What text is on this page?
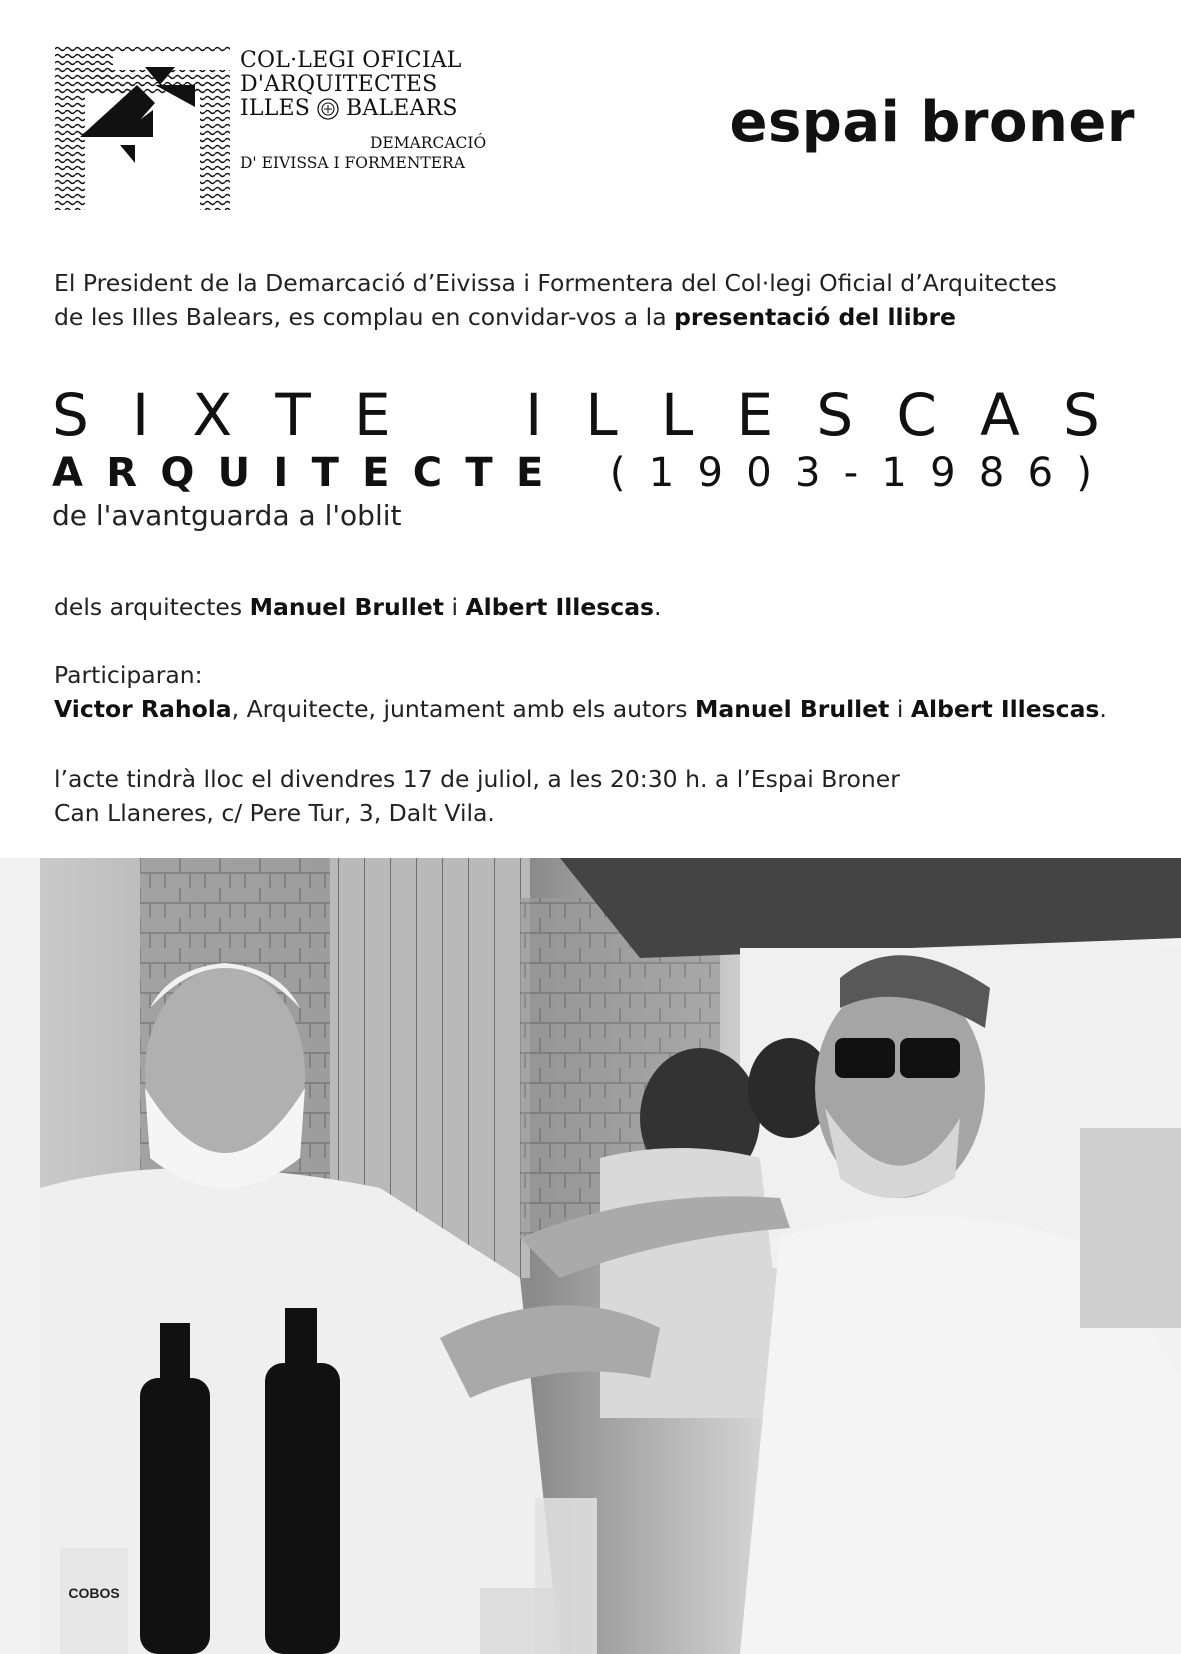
COL·LEGI OFICIAL
D'ARQUITECTES
ILLES BALEARS
DEMARCACIÓ
D' EIVISSA I FORMENTERA
espai broner
El President de la Demarcació d’Eivissa i Formentera del Col·legi Oficial d’Arquitectes
de les Illes Balears, es complau en convidar-vos a la presentació del llibre
S I X T E I L L E S C A S
A R Q U I T E C T E ( 1 9 0 3 - 1 9 8 6 )
de l'avantguarda a l'oblit
dels arquitectes Manuel Brullet i Albert Illescas.
Participaran:
Victor Rahola, Arquitecte, juntament amb els autors Manuel Brullet i Albert Illescas.
l’acte tindrà lloc el divendres 17 de juliol, a les 20:30 h. a l’Espai Broner
Can Llaneres, c/ Pere Tur, 3, Dalt Vila.
COBOS
